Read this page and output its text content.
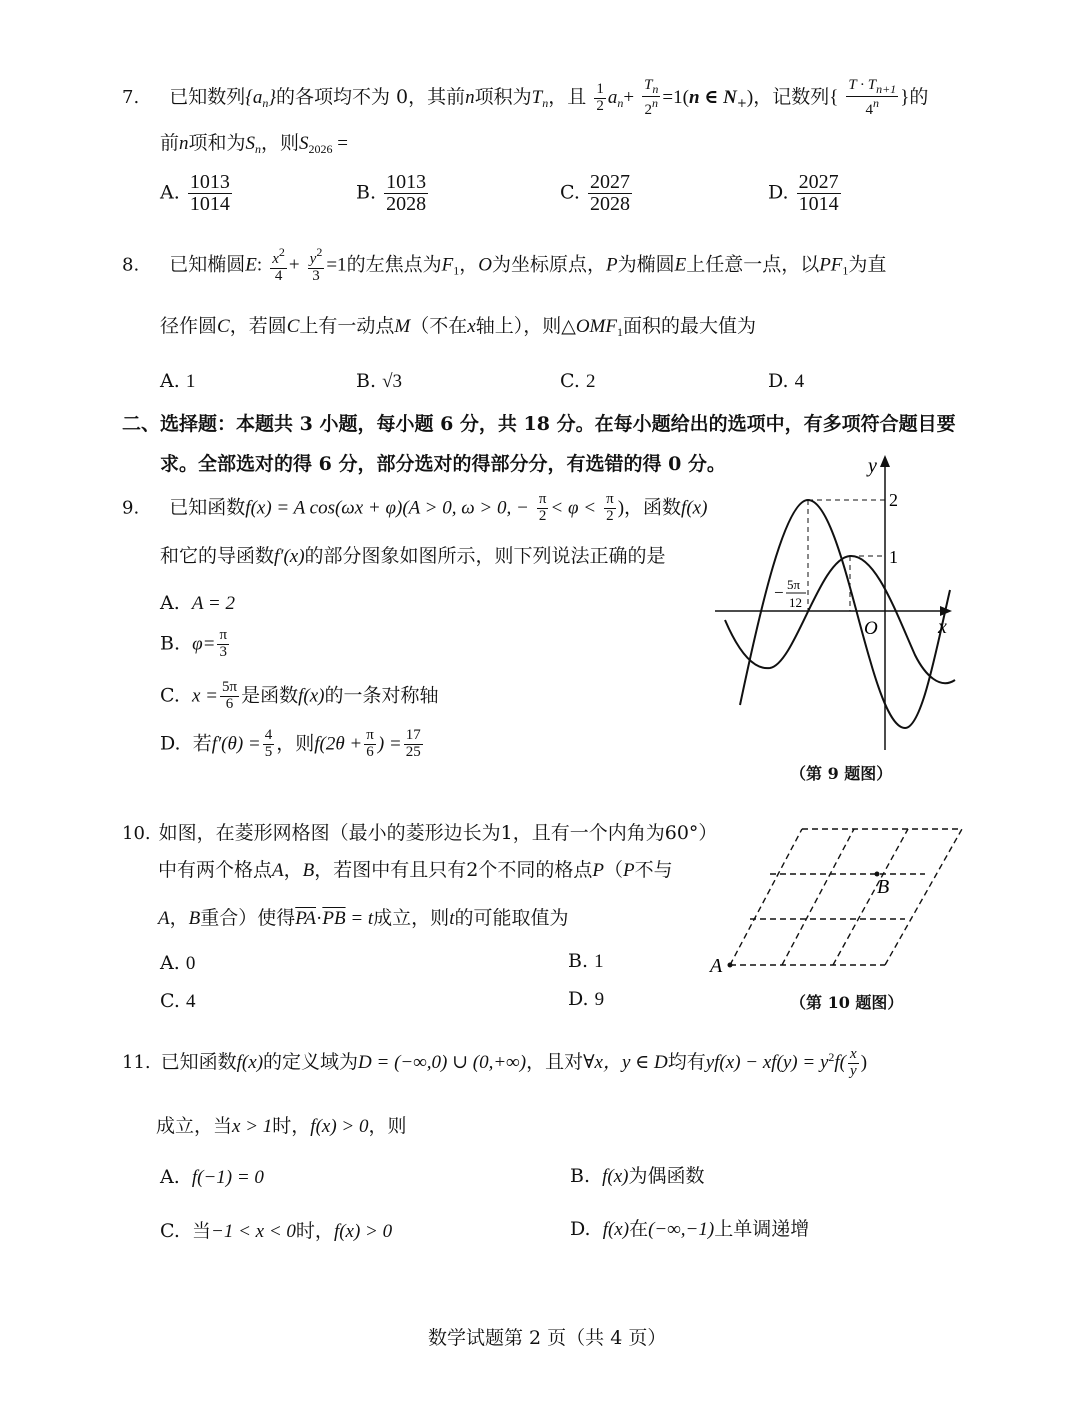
7. 已知数列$\{a_n\}$的各项均不为 0，其前n项积为$T_n$，且 $\frac{1}{2} a_n+ \frac{T_n}{2^n} =1(n$ ∈ $N_+$)，记数列{ $\frac{T \cdot T_{n+1}}{4^n}$ }的
前n项和为$S_n$，则$S_{2026}$ =
A. $\frac{1013}{1014}$	B. $\frac{1013}{2028}$	C. $\frac{2027}{2028}$	D. $\frac{2027}{1014}$
8. 已知椭圆E: $\frac{x^2}{4} + \frac{y^2}{3} =1$的左焦点为$F_1$，O为坐标原点，P为椭圆E上任意一点，以$PF_1$为直
径作圆C，若圆C上有一动点M（不在x轴上），则$\triangle OMF_1$面积的最大值为
A. 1	B. √3	C. 2	D. 4
二、选择题：本题共 3 小题，每小题 6 分，共 18 分。在每小题给出的选项中，有多项符合题目要
求。全部选对的得 6 分，部分选对的得部分分，有选错的得 0 分。
9. 已知函数f(x) = A cos(ωx + φ)(A > 0, ω > 0, − $\frac{\pi}{2} < \varphi < \frac{\pi}{2}$ )，函数f(x)
和它的导函数f′(x)的部分图象如图所示，则下列说法正确的是
A. A = 2
B. $\varphi= \frac{\pi}{3}$
C. $x = \frac{5\pi}{6}$ 是函数f(x)的一条对称轴
D. 若$f'(\theta) = \frac{4}{5}$ ，则$f(2\theta + \frac{\pi}{6}$ ) = $\frac{17}{25}$
y
x
O
2
1
− 5π
12
（第 9 题图）
10. 如图，在菱形网格图（最小的菱形边长为1，且有一个内角为60°）
中有两个格点A，B，若图中有且只有2个不同的格点P（P不与
A，B重合）使得$\overline{PA}\cdot\overline{PB} = t$成立，则t的可能取值为
A. 0	B. 1
C. 4	D. 9
A
B
（第 10 题图）
11. 已知函数f(x)的定义域为D = (−∞,0) ∪ (0,+∞)，且对∀x，y ∈ D均有$yf(x) - xf(y) = y^2f( \frac{x}{y}$ )
成立，当x > 1时，f(x) > 0，则
A. f(−1) = 0	B. f(x)为偶函数
C. 当−1 < x < 0时，f(x) > 0	D. f(x)在(−∞,−1)上单调递增
数学试题第 2 页（共 4 页）
